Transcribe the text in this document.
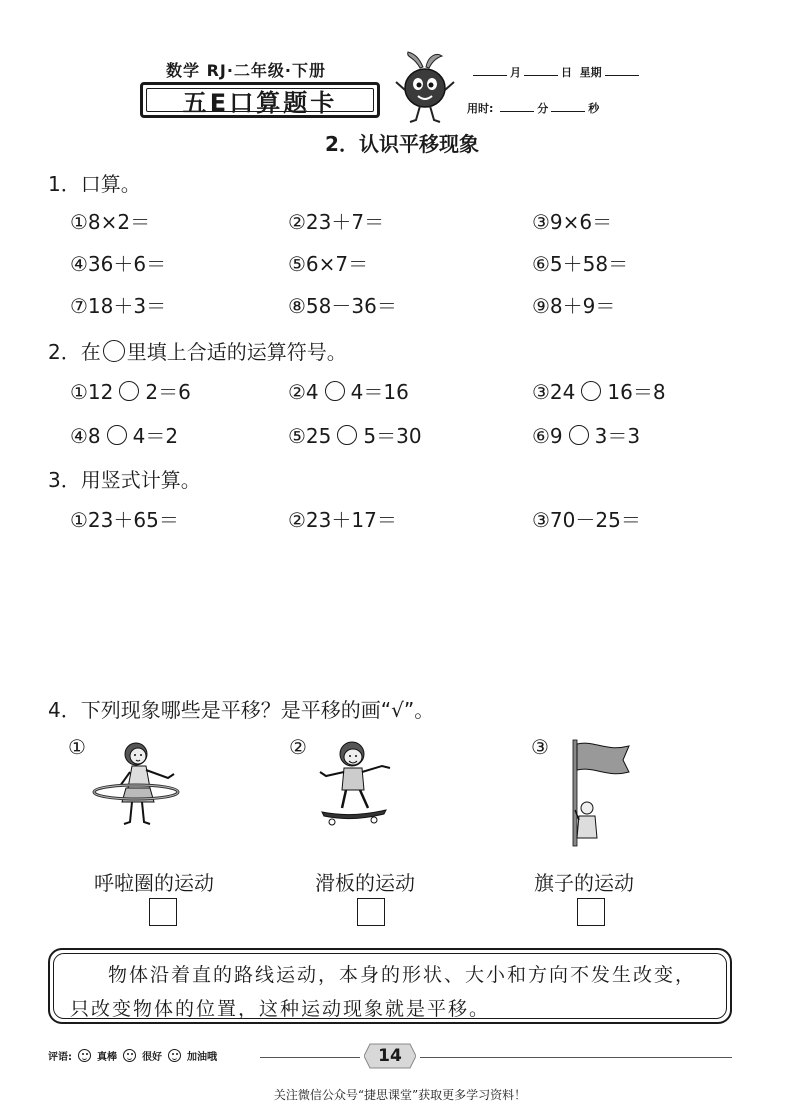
数学 RJ·二年级·下册
五E口算题卡
月	日 星期
用时:	分	秒
2．认识平移现象
1．口算。
①8×2＝	②23＋7＝	③9×6＝
④36＋6＝	⑤6×7＝	⑥5＋58＝
⑦18＋3＝	⑧58－36＝	⑨8＋9＝
2．在 里填上合适的运算符号。
①12 2＝6	②4 4＝16	③24 16＝8
④8 4＝2	⑤25 5＝30	⑥9 3＝3
3．用竖式计算。
①23＋65＝	②23＋17＝	③70－25＝
4．下列现象哪些是平移？是平移的画“√”。
①	②	③
呼啦圈的运动	滑板的运动	旗子的运动
物体沿着直的路线运动，本身的形状、大小和方向不发生改变，只改变物体的位置，这种运动现象就是平移。
评语:	真棒	很好	加油哦	14
关注微信公众号“捷思课堂”获取更多学习资料！
